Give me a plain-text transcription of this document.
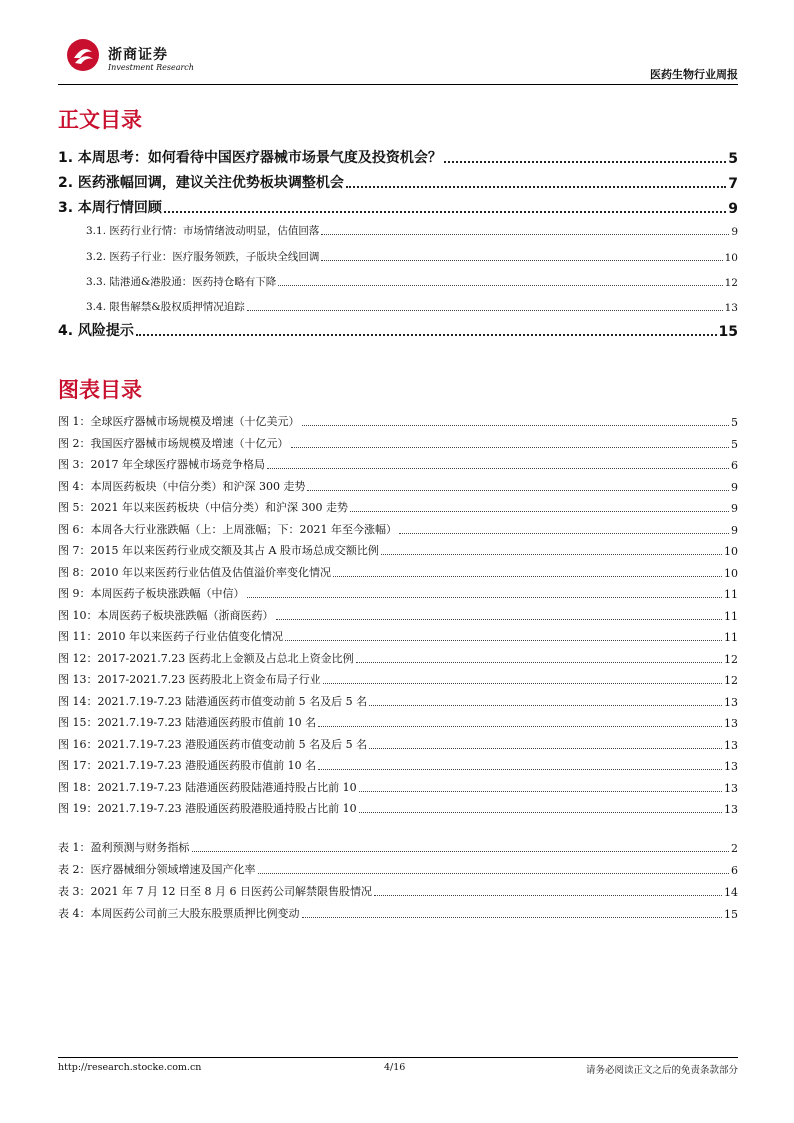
浙商证券
Investment Research
医药生物行业周报
正文目录
1. 本周思考：如何看待中国医疗器械市场景气度及投资机会？	5
2. 医药涨幅回调，建议关注优势板块调整机会	7
3. 本周行情回顾	9
3.1. 医药行业行情：市场情绪波动明显，估值回落	9
3.2. 医药子行业：医疗服务领跌，子版块全线回调	10
3.3. 陆港通&港股通：医药持仓略有下降	12
3.4. 限售解禁&股权质押情况追踪	13
4. 风险提示	15
图表目录
图 1：全球医疗器械市场规模及增速（十亿美元）	5
图 2：我国医疗器械市场规模及增速（十亿元）	5
图 3：2017 年全球医疗器械市场竞争格局	6
图 4：本周医药板块（中信分类）和沪深 300 走势	9
图 5：2021 年以来医药板块（中信分类）和沪深 300 走势	9
图 6：本周各大行业涨跌幅（上：上周涨幅；下：2021 年至今涨幅）	9
图 7：2015 年以来医药行业成交额及其占 A 股市场总成交额比例	10
图 8：2010 年以来医药行业估值及估值溢价率变化情况	10
图 9：本周医药子板块涨跌幅（中信）	11
图 10：本周医药子板块涨跌幅（浙商医药）	11
图 11：2010 年以来医药子行业估值变化情况	11
图 12：2017-2021.7.23 医药北上金额及占总北上资金比例	12
图 13：2017-2021.7.23 医药股北上资金布局子行业	12
图 14：2021.7.19-7.23 陆港通医药市值变动前 5 名及后 5 名	13
图 15：2021.7.19-7.23 陆港通医药股市值前 10 名	13
图 16：2021.7.19-7.23 港股通医药市值变动前 5 名及后 5 名	13
图 17：2021.7.19-7.23 港股通医药股市值前 10 名	13
图 18：2021.7.19-7.23 陆港通医药股陆港通持股占比前 10	13
图 19：2021.7.19-7.23 港股通医药股港股通持股占比前 10	13
表 1：盈利预测与财务指标	2
表 2：医疗器械细分领域增速及国产化率	6
表 3：2021 年 7 月 12 日至 8 月 6 日医药公司解禁限售股情况	14
表 4：本周医药公司前三大股东股票质押比例变动	15
http://research.stocke.com.cn	4/16	请务必阅读正文之后的免责条款部分
